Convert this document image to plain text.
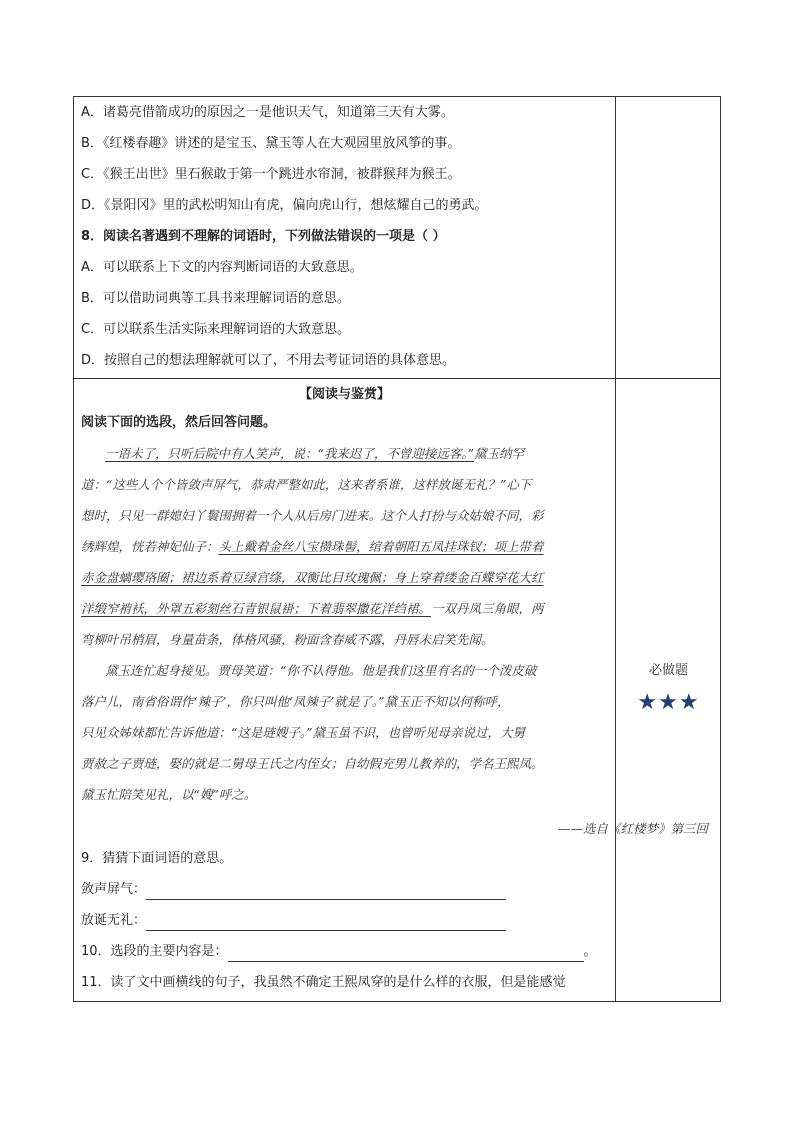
A．诸葛亮借箭成功的原因之一是他识天气，知道第三天有大雾。
B．《红楼春趣》讲述的是宝玉、黛玉等人在大观园里放风筝的事。
C．《猴王出世》里石猴敢于第一个跳进水帘洞，被群猴拜为猴王。
D．《景阳冈》里的武松明知山有虎，偏向虎山行，想炫耀自己的勇武。
8．阅读名著遇到不理解的词语时，下列做法错误的一项是（ ）
A．可以联系上下文的内容判断词语的大致意思。
B．可以借助词典等工具书来理解词语的意思。
C．可以联系生活实际来理解词语的大致意思。
D．按照自己的想法理解就可以了，不用去考证词语的具体意思。
【阅读与鉴赏】
阅读下面的选段，然后回答问题。
一语未了，只听后院中有人笑声，说：“我来迟了，不曾迎接远客。”黛玉纳罕
道：“这些人个个皆敛声屏气，恭肃严整如此，这来者系谁，这样放诞无礼？”心下
想时，只见一群媳妇丫鬟围拥着一个人从后房门进来。这个人打扮与众姑娘不同，彩
绣辉煌，恍若神妃仙子：头上戴着金丝八宝攒珠髻，绾着朝阳五凤挂珠钗；项上带着
赤金盘螭璎珞圈；裙边系着豆绿宫绦，双衡比目玫瑰佩；身上穿着缕金百蝶穿花大红
洋缎窄褃袄，外罩五彩刻丝石青银鼠褂；下着翡翠撒花洋绉裙。一双丹凤三角眼，两
弯柳叶吊梢眉，身量苗条，体格风骚，粉面含春威不露，丹唇未启笑先闻。
黛玉连忙起身接见。贾母笑道：“你不认得他。他是我们这里有名的一个泼皮破
落户儿，南省俗谓作‘辣子’，你只叫他‘凤辣子’就是了。”黛玉正不知以何称呼，
只见众姊妹都忙告诉他道：“这是琏嫂子。”黛玉虽不识，也曾听见母亲说过，大舅
贾赦之子贾琏，娶的就是二舅母王氏之内侄女；自幼假充男儿教养的，学名王熙凤。
黛玉忙陪笑见礼，以“嫂”呼之。
——选自《红楼梦》第三回
9．猜猜下面词语的意思。
敛声屏气：
放诞无礼：
10．选段的主要内容是：	。
11．读了文中画横线的句子，我虽然不确定王熙凤穿的是什么样的衣服，但是能感觉
必做题
★★★
